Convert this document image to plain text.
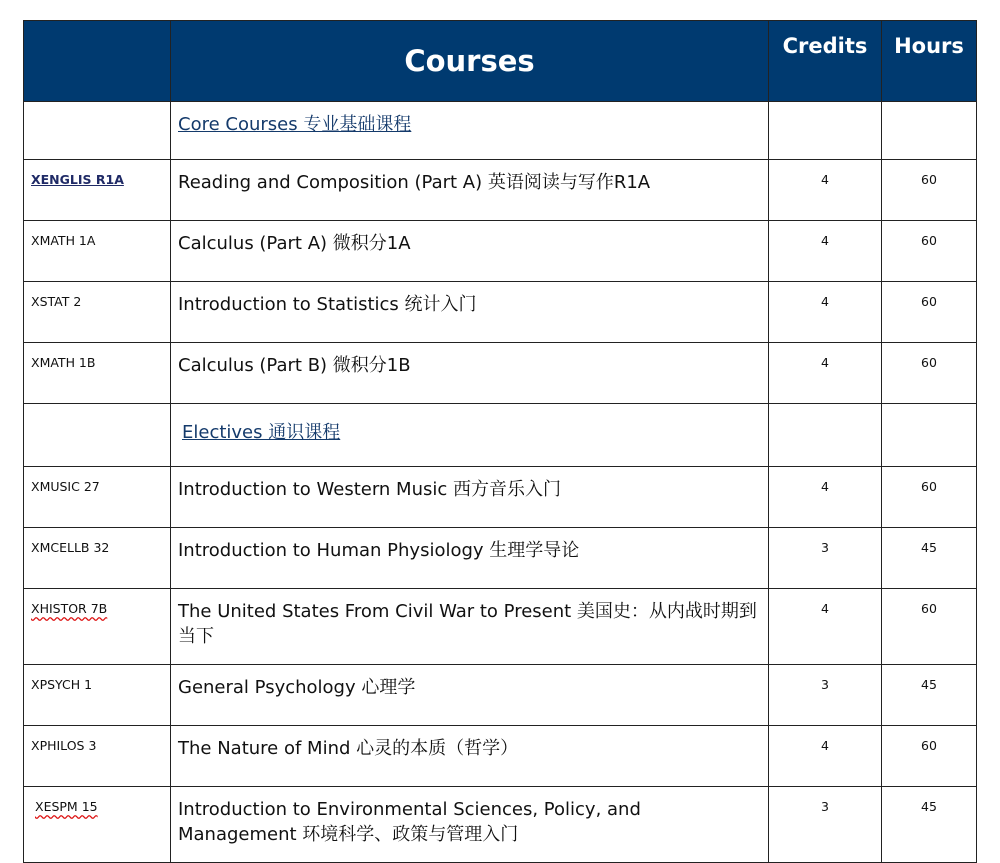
	Courses	Credits	Hours
	Core Courses 专业基础课程		
XENGLIS R1A	Reading and Composition (Part A) 英语阅读与写作R1A	4	60
XMATH 1A	Calculus (Part A) 微积分1A	4	60
XSTAT 2	Introduction to Statistics 统计入门	4	60
XMATH 1B	Calculus (Part B) 微积分1B	4	60
	Electives 通识课程		
XMUSIC 27	Introduction to Western Music 西方音乐入门	4	60
XMCELLB 32	Introduction to Human Physiology 生理学导论	3	45
XHISTOR 7B	The United States From Civil War to Present 美国史：从内战时期到当下	4	60
XPSYCH 1	General Psychology 心理学	3	45
XPHILOS 3	The Nature of Mind 心灵的本质（哲学）	4	60
XESPM 15	Introduction to Environmental Sciences, Policy, and Management 环境科学、政策与管理入门	3	45
